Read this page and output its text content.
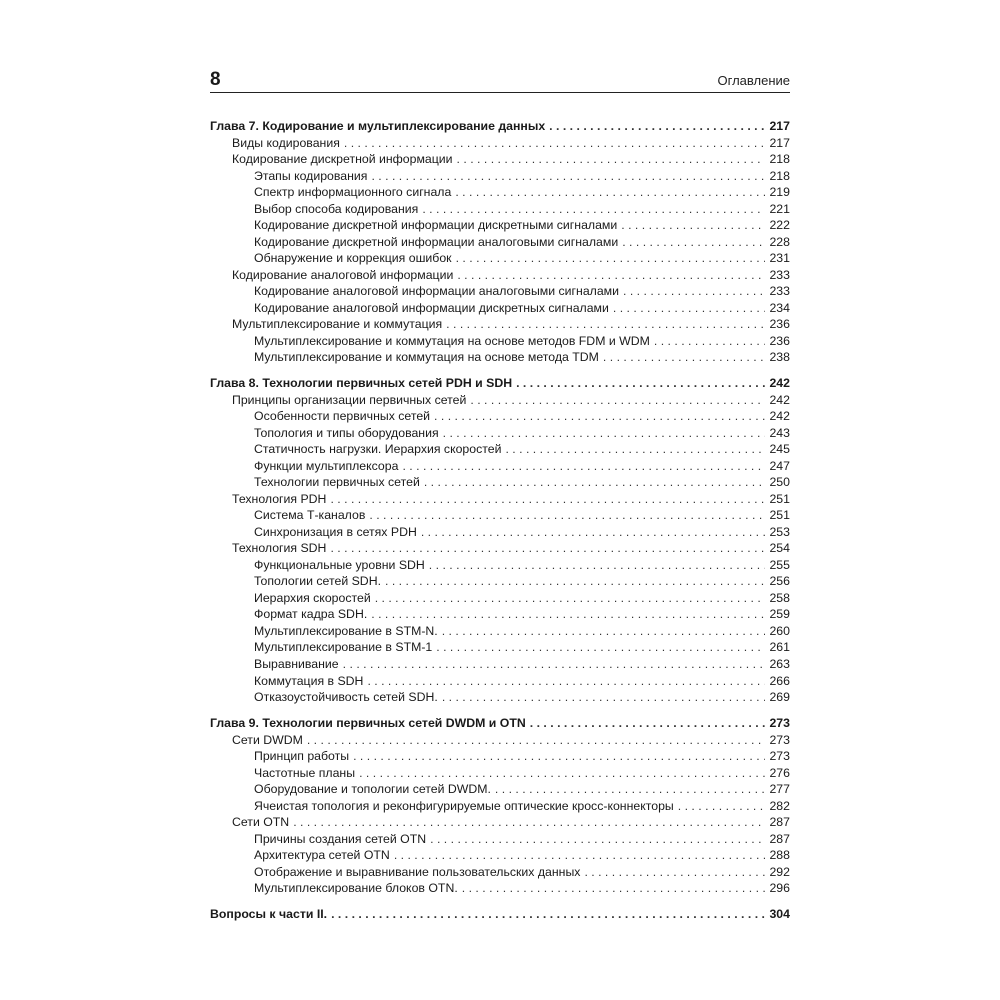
8	Оглавление
Глава 7. Кодирование и мультиплексирование данных . . .	217
Виды кодирования . . .	217
Кодирование дискретной информации . . .	218
Этапы кодирования . . .	218
Спектр информационного сигнала . . .	219
Выбор способа кодирования . . .	221
Кодирование дискретной информации дискретными сигналами . . .	222
Кодирование дискретной информации аналоговыми сигналами . . .	228
Обнаружение и коррекция ошибок . . .	231
Кодирование аналоговой информации . . .	233
Кодирование аналоговой информации аналоговыми сигналами . . .	233
Кодирование аналоговой информации дискретных сигналами . . .	234
Мультиплексирование и коммутация . . .	236
Мультиплексирование и коммутация на основе методов FDM и WDM . . .	236
Мультиплексирование и коммутация на основе метода TDM . . .	238
Глава 8. Технологии первичных сетей PDH и SDH . . .	242
Принципы организации первичных сетей . . .	242
Особенности первичных сетей . . .	242
Топология и типы оборудования . . .	243
Статичность нагрузки. Иерархия скоростей . . .	245
Функции мультиплексора . . .	247
Технологии первичных сетей . . .	250
Технология PDH . . .	251
Система Т-каналов . . .	251
Синхронизация в сетях PDH . . .	253
Технология SDH . . .	254
Функциональные уровни SDH . . .	255
Топологии сетей SDH. . . .	256
Иерархия скоростей . . .	258
Формат кадра SDH. . . .	259
Мультиплексирование в STM-N. . . .	260
Мультиплексирование в STM-1 . . .	261
Выравнивание . . .	263
Коммутация в SDH . . .	266
Отказоустойчивость сетей SDH. . . .	269
Глава 9. Технологии первичных сетей DWDM и OTN . . .	273
Сети DWDM . . .	273
Принцип работы . . .	273
Частотные планы . . .	276
Оборудование и топологии сетей DWDM. . . .	277
Ячеистая топология и реконфигурируемые оптические кросс-коннекторы . . .	282
Сети OTN . . .	287
Причины создания сетей OTN . . .	287
Архитектура сетей OTN . . .	288
Отображение и выравнивание пользовательских данных . . .	292
Мультиплексирование блоков OTN. . . .	296
Вопросы к части II. . . .	304
